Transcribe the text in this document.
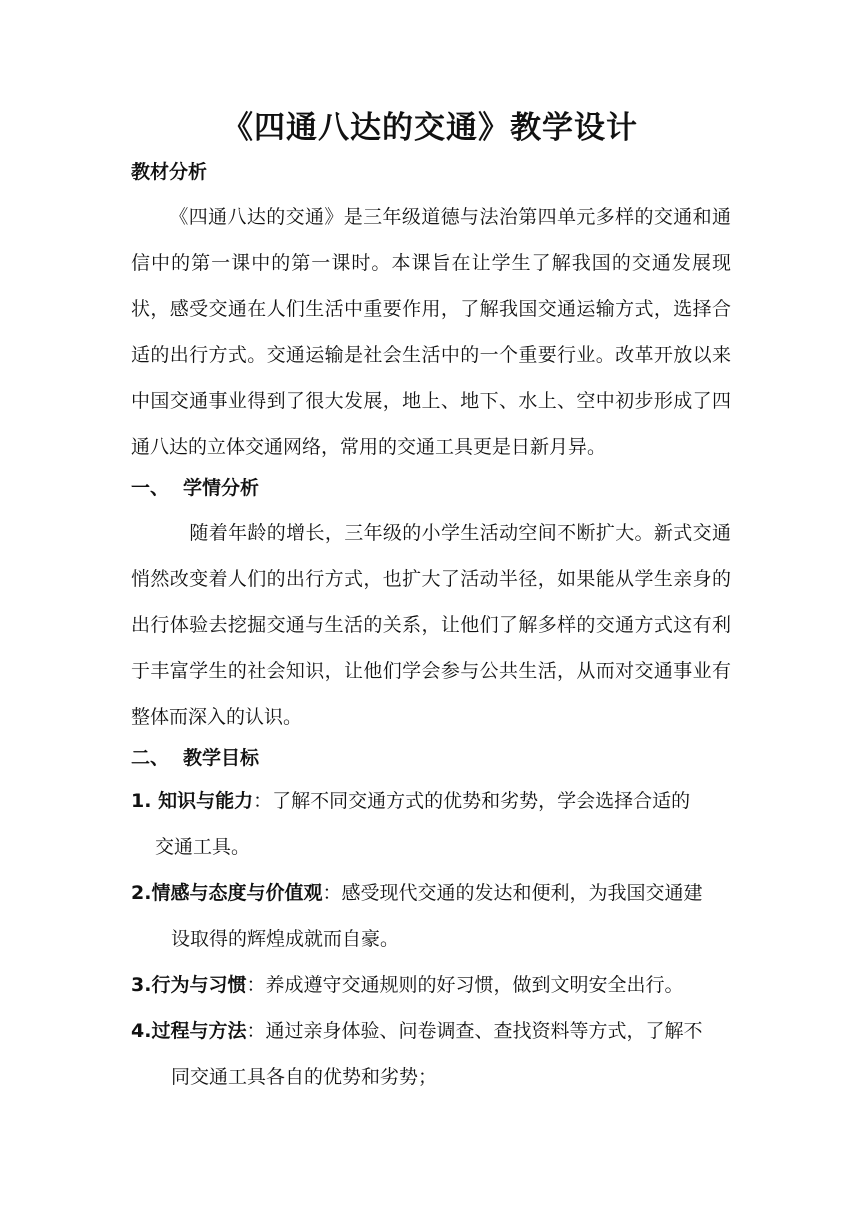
《四通八达的交通》教学设计
教材分析
《四通八达的交通》是三年级道德与法治第四单元多样的交通和通信中的第一课中的第一课时。本课旨在让学生了解我国的交通发展现状，感受交通在人们生活中重要作用，了解我国交通运输方式，选择合适的出行方式。交通运输是社会生活中的一个重要行业。改革开放以来中国交通事业得到了很大发展，地上、地下、水上、空中初步形成了四通八达的立体交通网络，常用的交通工具更是日新月异。
一、 学情分析
随着年龄的增长，三年级的小学生活动空间不断扩大。新式交通悄然改变着人们的出行方式，也扩大了活动半径，如果能从学生亲身的出行体验去挖掘交通与生活的关系，让他们了解多样的交通方式这有利于丰富学生的社会知识，让他们学会参与公共生活，从而对交通事业有整体而深入的认识。
二、 教学目标
1. 知识与能力：了解不同交通方式的优势和劣势，学会选择合适的
交通工具。
2.情感与态度与价值观：感受现代交通的发达和便利，为我国交通建
设取得的辉煌成就而自豪。
3.行为与习惯：养成遵守交通规则的好习惯，做到文明安全出行。
4.过程与方法：通过亲身体验、问卷调查、查找资料等方式，了解不
同交通工具各自的优势和劣势；
